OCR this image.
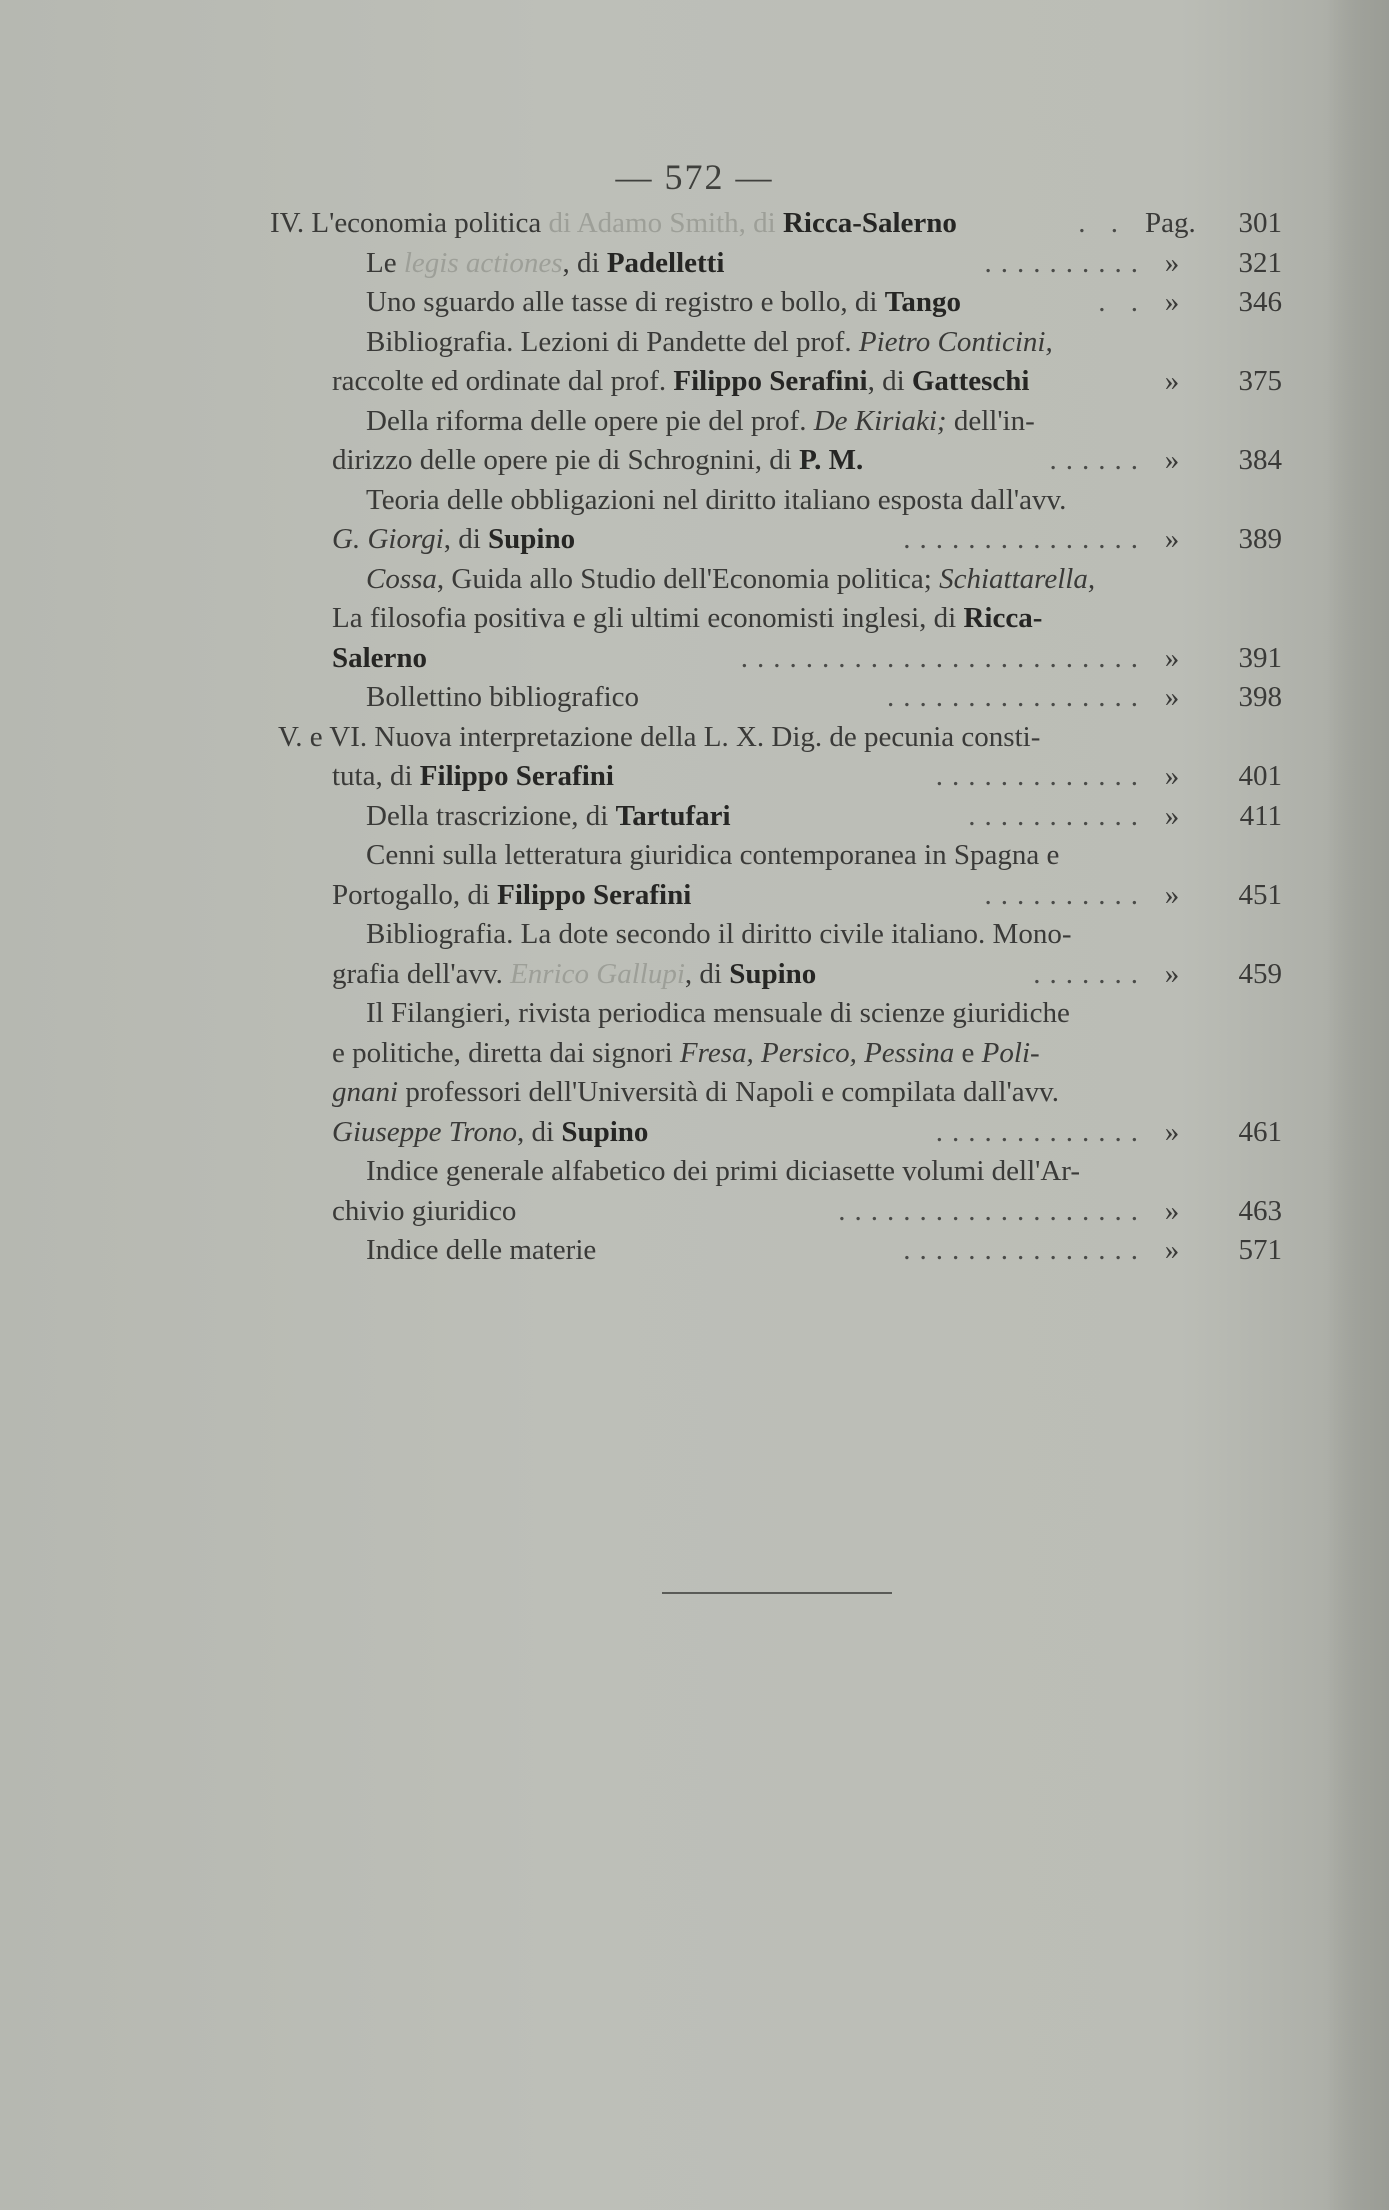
— 572 —
IV. L'economia politica di Adamo Smith, di Ricca-Salerno	. . Pag.	301
Le legis actiones, di Padelletti	.......... »	321
Uno sguardo alle tasse di registro e bollo, di Tango	. . »	346
Bibliografia. Lezioni di Pandette del prof. Pietro Conticini,
raccolte ed ordinate dal prof. Filippo Serafini, di Gatteschi	»	375
Della riforma delle opere pie del prof. De Kiriaki; dell'in-
dirizzo delle opere pie di Schrognini, di P. M.	...... »	384
Teoria delle obbligazioni nel diritto italiano esposta dall'avv.
G. Giorgi, di Supino	............... »	389
Cossa, Guida allo Studio dell'Economia politica; Schiattarella,
La filosofia positiva e gli ultimi economisti inglesi, di Ricca-
Salerno	......................... »	391
Bollettino bibliografico	................ »	398
V. e VI. Nuova interpretazione della L. X. Dig. de pecunia consti-
tuta, di Filippo Serafini	............. »	401
Della trascrizione, di Tartufari	........... »	411
Cenni sulla letteratura giuridica contemporanea in Spagna e
Portogallo, di Filippo Serafini	.......... »	451
Bibliografia. La dote secondo il diritto civile italiano. Mono-
grafia dell'avv. Enrico Gallupi, di Supino	....... »	459
Il Filangieri, rivista periodica mensuale di scienze giuridiche
e politiche, diretta dai signori Fresa, Persico, Pessina e Poli-
gnani professori dell'Università di Napoli e compilata dall'avv.
Giuseppe Trono, di Supino	............. »	461
Indice generale alfabetico dei primi diciasette volumi dell'Ar-
chivio giuridico	................... »	463
Indice delle materie	............... »	571
